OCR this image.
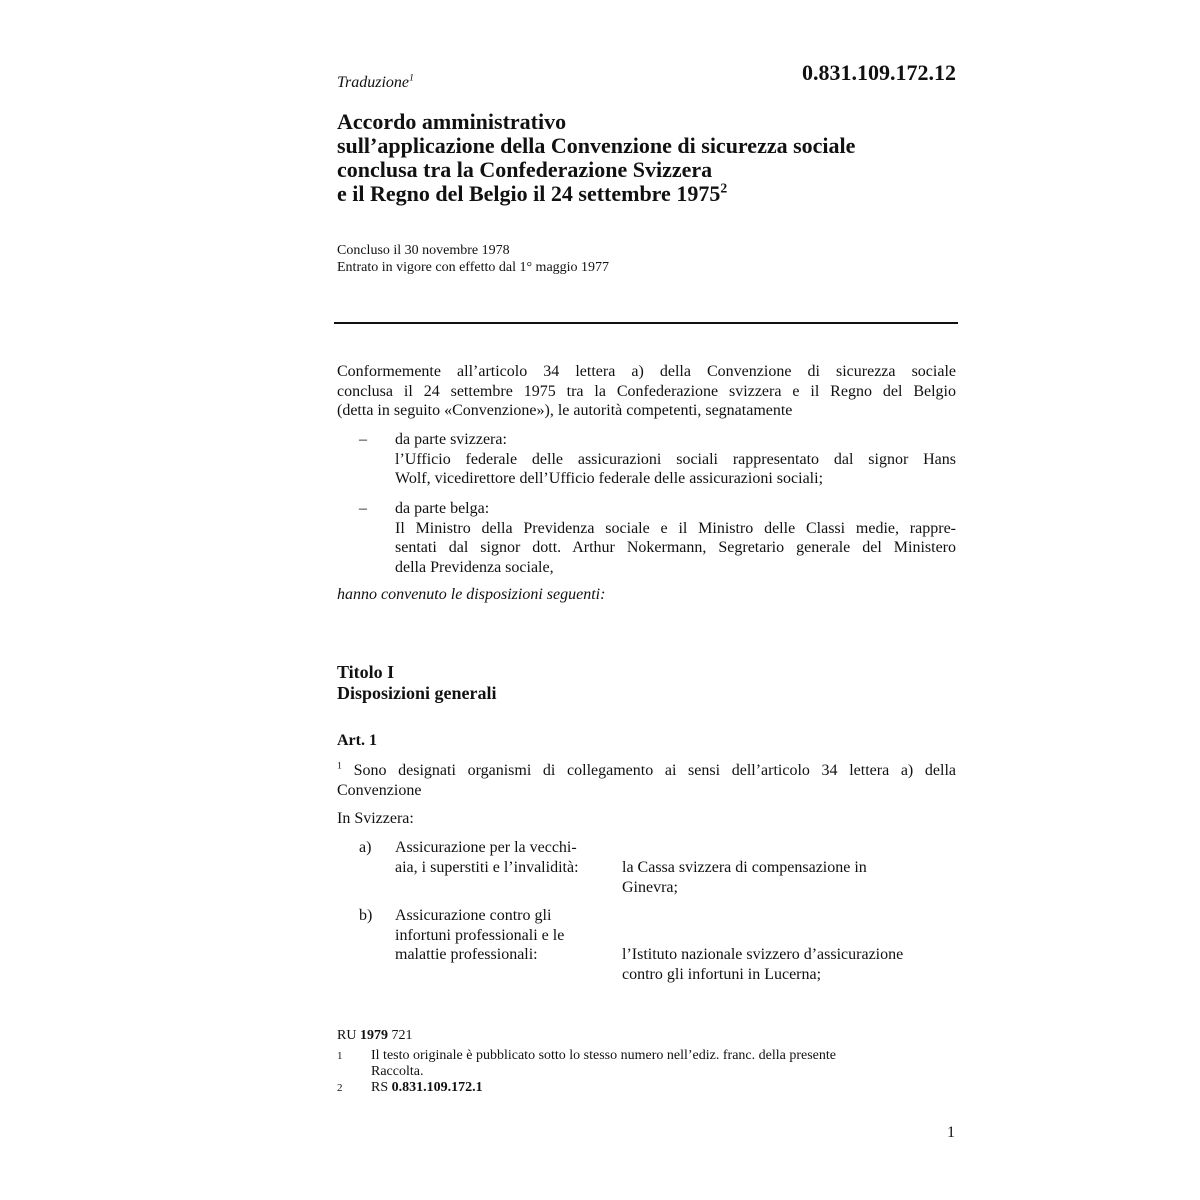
Traduzione$^1$	0.831.109.172.12
Accordo amministrativo
sull’applicazione della Convenzione di sicurezza sociale
conclusa tra la Confederazione Svizzera
e il Regno del Belgio il 24 settembre 1975$^2$
Concluso il 30 novembre 1978
Entrato in vigore con effetto dal 1° maggio 1977
Conformemente all’articolo 34 lettera a) della Convenzione di sicurezza sociale
conclusa il 24 settembre 1975 tra la Confederazione svizzera e il Regno del Belgio
(detta in seguito «Convenzione»), le autorità competenti, segnatamente
– da parte svizzera:
l’Ufficio federale delle assicurazioni sociali rappresentato dal signor Hans
Wolf, vicedirettore dell’Ufficio federale delle assicurazioni sociali;
– da parte belga:
Il Ministro della Previdenza sociale e il Ministro delle Classi medie, rappre-
sentati dal signor dott. Arthur Nokermann, Segretario generale del Ministero
della Previdenza sociale,
hanno convenuto le disposizioni seguenti:
Titolo I
Disposizioni generali
Art. 1
$^1$ Sono designati organismi di collegamento ai sensi dell’articolo 34 lettera a) della
Convenzione
In Svizzera:
a) Assicurazione per la vecchi-
aia, i superstiti e l’invalidità:	la Cassa svizzera di compensazione in
Ginevra;
b) Assicurazione contro gli
infortuni professionali e le
malattie professionali:	l’Istituto nazionale svizzero d’assicurazione
contro gli infortuni in Lucerna;
RU 1979 721
1 Il testo originale è pubblicato sotto lo stesso numero nell’ediz. franc. della presente
Raccolta.
2 RS 0.831.109.172.1
1
